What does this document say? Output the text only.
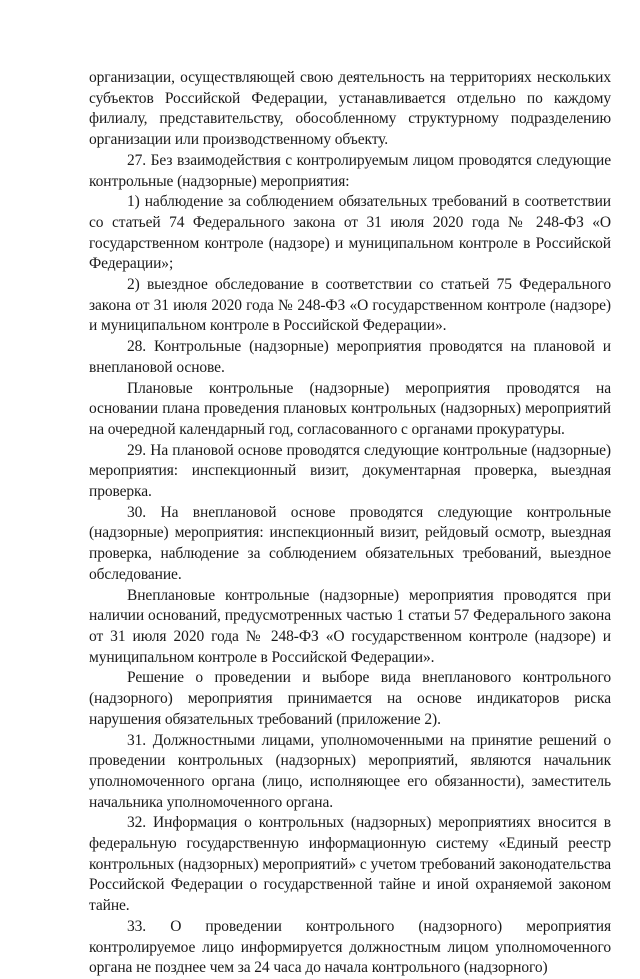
организации, осуществляющей свою деятельность на территориях нескольких субъектов Российской Федерации, устанавливается отдельно по каждому филиалу, представительству, обособленному структурному подразделению организации или производственному объекту.

27. Без взаимодействия с контролируемым лицом проводятся следующие контрольные (надзорные) мероприятия:

1) наблюдение за соблюдением обязательных требований в соответствии со статьей 74 Федерального закона от 31 июля 2020 года № 248-ФЗ «О государственном контроле (надзоре) и муниципальном контроле в Российской Федерации»;

2) выездное обследование в соответствии со статьей 75 Федерального закона от 31 июля 2020 года № 248-ФЗ «О государственном контроле (надзоре) и муниципальном контроле в Российской Федерации».

28. Контрольные (надзорные) мероприятия проводятся на плановой и внеплановой основе.

Плановые контрольные (надзорные) мероприятия проводятся на основании плана проведения плановых контрольных (надзорных) мероприятий на очередной календарный год, согласованного с органами прокуратуры.

29. На плановой основе проводятся следующие контрольные (надзорные) мероприятия: инспекционный визит, документарная проверка, выездная проверка.

30. На внеплановой основе проводятся следующие контрольные (надзорные) мероприятия: инспекционный визит, рейдовый осмотр, выездная проверка, наблюдение за соблюдением обязательных требований, выездное обследование.

Внеплановые контрольные (надзорные) мероприятия проводятся при наличии оснований, предусмотренных частью 1 статьи 57 Федерального закона от 31 июля 2020 года № 248-ФЗ «О государственном контроле (надзоре) и муниципальном контроле в Российской Федерации».

Решение о проведении и выборе вида внепланового контрольного (надзорного) мероприятия принимается на основе индикаторов риска нарушения обязательных требований (приложение 2).

31. Должностными лицами, уполномоченными на принятие решений о проведении контрольных (надзорных) мероприятий, являются начальник уполномоченного органа (лицо, исполняющее его обязанности), заместитель начальника уполномоченного органа.

32. Информация о контрольных (надзорных) мероприятиях вносится в федеральную государственную информационную систему «Единый реестр контрольных (надзорных) мероприятий» с учетом требований законодательства Российской Федерации о государственной тайне и иной охраняемой законом тайне.

33. О проведении контрольного (надзорного) мероприятия контролируемое лицо информируется должностным лицом уполномоченного органа не позднее чем за 24 часа до начала контрольного (надзорного)
